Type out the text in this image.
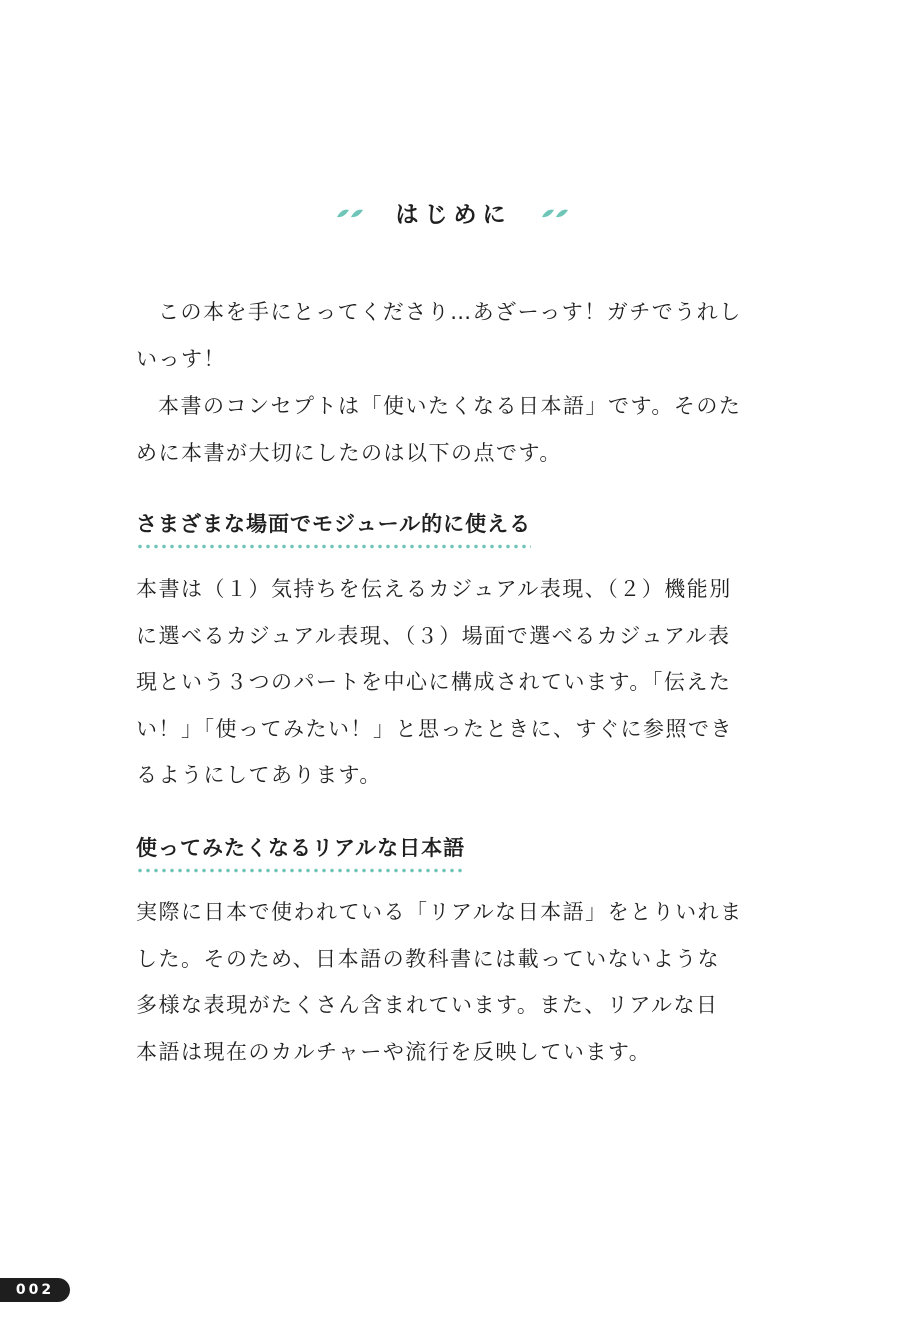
はじめに
この本を手にとってくださり…あざーっす！ガチでうれし
いっす！
本書のコンセプトは「使いたくなる日本語」です。そのた
めに本書が大切にしたのは以下の点です。
さまざまな場面でモジュール的に使える
本書は（１）気持ちを伝えるカジュアル表現、（２）機能別
に選べるカジュアル表現、（３）場面で選べるカジュアル表
現という３つのパートを中心に構成されています。「伝えた
い！」「使ってみたい！」と思ったときに、すぐに参照でき
るようにしてあります。
使ってみたくなるリアルな日本語
実際に日本で使われている「リアルな日本語」をとりいれま
した。そのため、日本語の教科書には載っていないような
多様な表現がたくさん含まれています。また、リアルな日
本語は現在のカルチャーや流行を反映しています。
002
